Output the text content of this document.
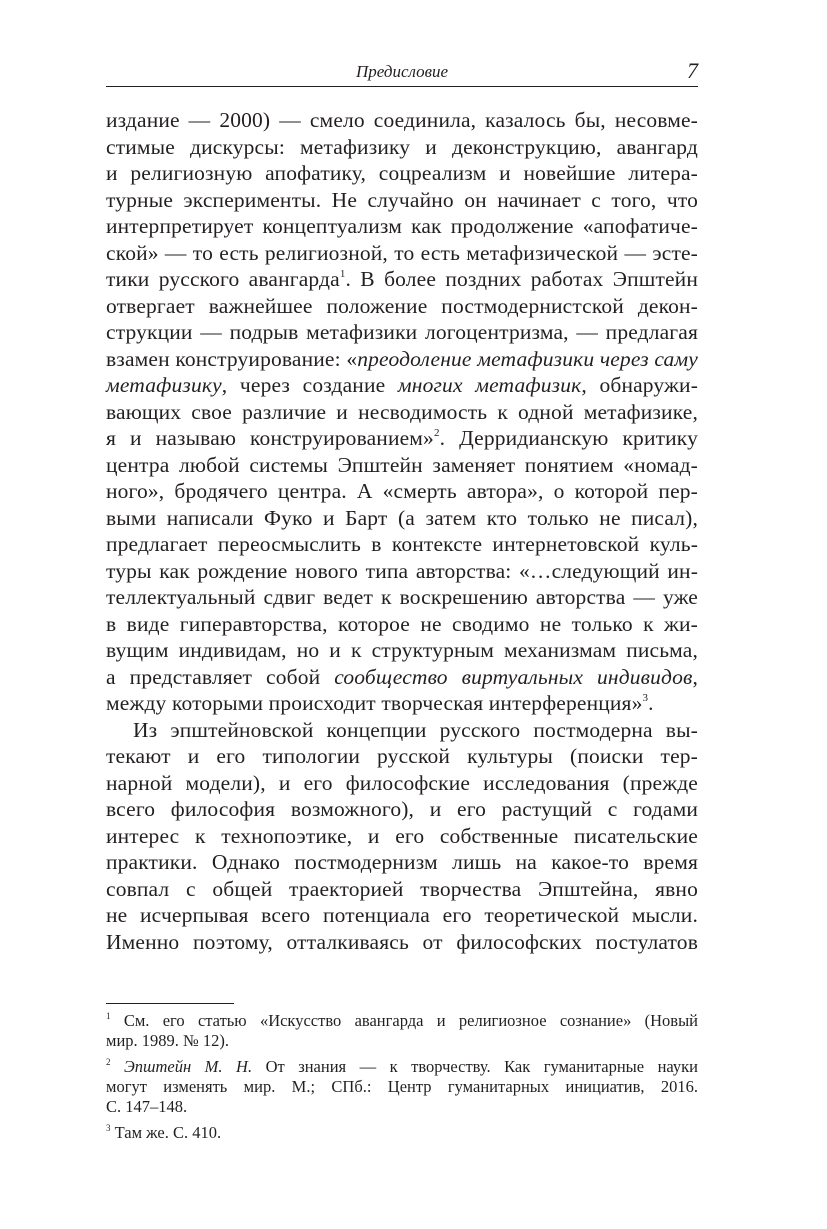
Предисловие	7
издание — 2000) — смело соединила, казалось бы, несовме-
стимые дискурсы: метафизику и деконструкцию, авангард
и религиозную апофатику, соцреализм и новейшие литера-
турные эксперименты. Не случайно он начинает с того, что
интерпретирует концептуализм как продолжение «апофатиче-
ской» — то есть религиозной, то есть метафизической — эсте-
тики русского авангарда$^1$. В более поздних работах Эпштейн
отвергает важнейшее положение постмодернистской декон-
струкции — подрыв метафизики логоцентризма, — предлагая
взамен конструирование: «преодоление метафизики через саму
метафизику, через создание многих метафизик, обнаружи-
вающих свое различие и несводимость к одной метафизике,
я и называю конструированием»$^2$. Дерридианскую критику
центра любой системы Эпштейн заменяет понятием «номад-
ного», бродячего центра. А «смерть автора», о которой пер-
выми написали Фуко и Барт (а затем кто только не писал),
предлагает переосмыслить в контексте интернетовской куль-
туры как рождение нового типа авторства: «…следующий ин-
теллектуальный сдвиг ведет к воскрешению авторства — уже
в виде гиперавторства, которое не сводимо не только к жи-
вущим индивидам, но и к структурным механизмам письма,
а представляет собой сообщество виртуальных индивидов,
между которыми происходит творческая интерференция»$^3$.
Из эпштейновской концепции русского постмодерна вы-
текают и его типологии русской культуры (поиски тер-
нарной модели), и его философские исследования (прежде
всего философия возможного), и его растущий с годами
интерес к технопоэтике, и его собственные писательские
практики. Однако постмодернизм лишь на какое-то время
совпал с общей траекторией творчества Эпштейна, явно
не исчерпывая всего потенциала его теоретической мысли.
Именно поэтому, отталкиваясь от философских постулатов
$^1$ См. его статью «Искусство авангарда и религиозное сознание» (Новый
мир. 1989. № 12).
$^2$ Эпштейн М. Н. От знания — к творчеству. Как гуманитарные науки
могут изменять мир. М.; СПб.: Центр гуманитарных инициатив, 2016.
С. 147–148.
$^3$ Там же. С. 410.
